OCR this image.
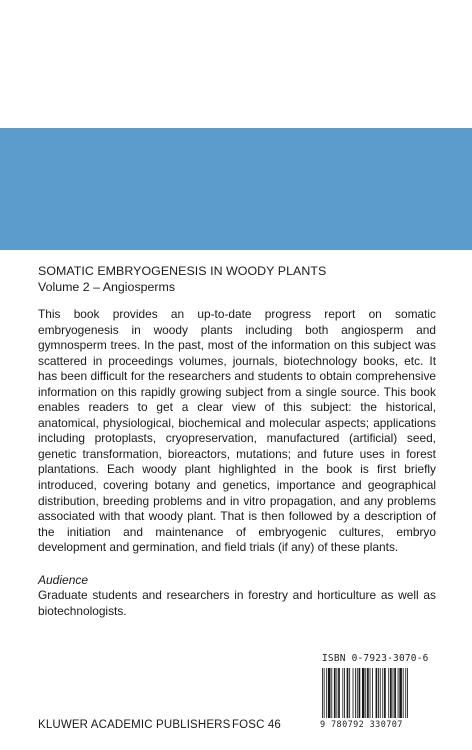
SOMATIC EMBRYOGENESIS IN WOODY PLANTS

Volume 2 – Angiosperms

This book provides an up-to-date progress report on somatic embryogenesis in woody plants including both angiosperm and gymnosperm trees. In the past, most of the information on this subject was scattered in proceedings volumes, journals, biotechnology books, etc. It has been difficult for the researchers and students to obtain comprehensive information on this rapidly growing subject from a single source. This book enables readers to get a clear view of this subject: the historical, anatomical, physiological, biochemical and molecular aspects; applications including protoplasts, cryopreservation, manufactured (artificial) seed, genetic transformation, bioreactors, mutations; and future uses in forest plantations. Each woody plant highlighted in the book is first briefly introduced, covering botany and genetics, importance and geographical distribution, breeding problems and in vitro propagation, and any problems associated with that woody plant. That is then followed by a description of the initiation and maintenance of embryogenic cultures, embryo development and germination, and field trials (if any) of these plants.

Audience

Graduate students and researchers in forestry and horticulture as well as biotechnologists.

ISBN 0-7923-3070-6
9 780792 330707
KLUWER ACADEMIC PUBLISHERS FOSC 46
